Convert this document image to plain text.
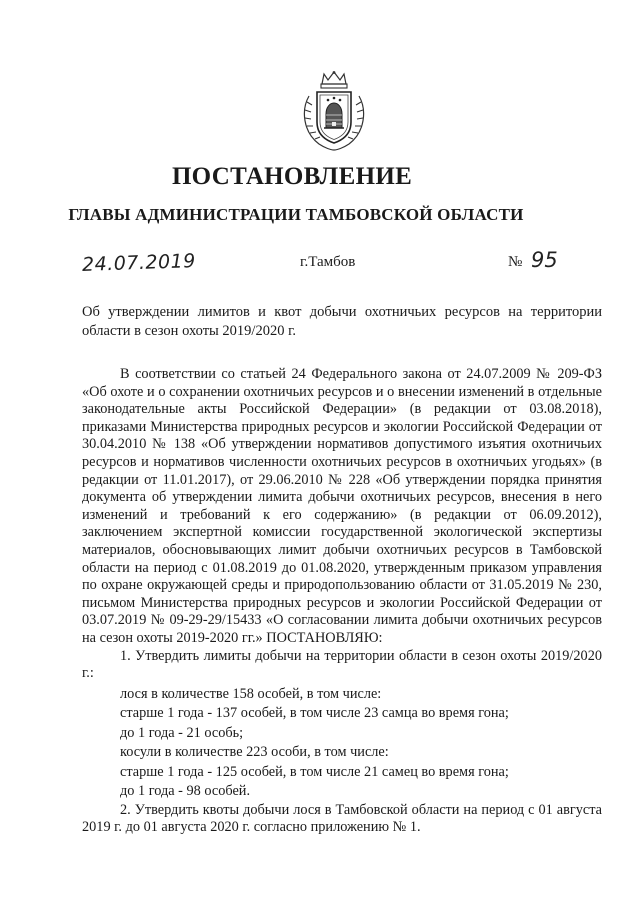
ПОСТАНОВЛЕНИЕ
ГЛАВЫ АДМИНИСТРАЦИИ ТАМБОВСКОЙ ОБЛАСТИ
24.07.2019	г.Тамбов	№ 95
Об утверждении лимитов и квот добычи охотничьих ресурсов на территории области в сезон охоты 2019/2020 г.

В соответствии со статьей 24 Федерального закона от 24.07.2009 № 209-ФЗ «Об охоте и о сохранении охотничьих ресурсов и о внесении изменений в отдельные законодательные акты Российской Федерации» (в редакции от 03.08.2018), приказами Министерства природных ресурсов и экологии Российской Федерации от 30.04.2010 № 138 «Об утверждении нормативов допустимого изъятия охотничьих ресурсов и нормативов численности охотничьих ресурсов в охотничьих угодьях» (в редакции от 11.01.2017), от 29.06.2010 № 228 «Об утверждении порядка принятия документа об утверждении лимита добычи охотничьих ресурсов, внесения в него изменений и требований к его содержанию» (в редакции от 06.09.2012), заключением экспертной комиссии государственной экологической экспертизы материалов, обосновывающих лимит добычи охотничьих ресурсов в Тамбовской области на период с 01.08.2019 до 01.08.2020, утвержденным приказом управления по охране окружающей среды и природопользованию области от 31.05.2019 № 230, письмом Министерства природных ресурсов и экологии Российской Федерации от 03.07.2019 № 09-29-29/15433 «О согласовании лимита добычи охотничьих ресурсов на сезон охоты 2019-2020 гг.» ПОСТАНОВЛЯЮ:

1. Утвердить лимиты добычи на территории области в сезон охоты 2019/2020 г.:

лося в количестве 158 особей, в том числе:

старше 1 года - 137 особей, в том числе 23 самца во время гона;

до 1 года - 21 особь;

косули в количестве 223 особи, в том числе:

старше 1 года - 125 особей, в том числе 21 самец во время гона;

до 1 года - 98 особей.

2. Утвердить квоты добычи лося в Тамбовской области на период с 01 августа 2019 г. до 01 августа 2020 г. согласно приложению № 1.
